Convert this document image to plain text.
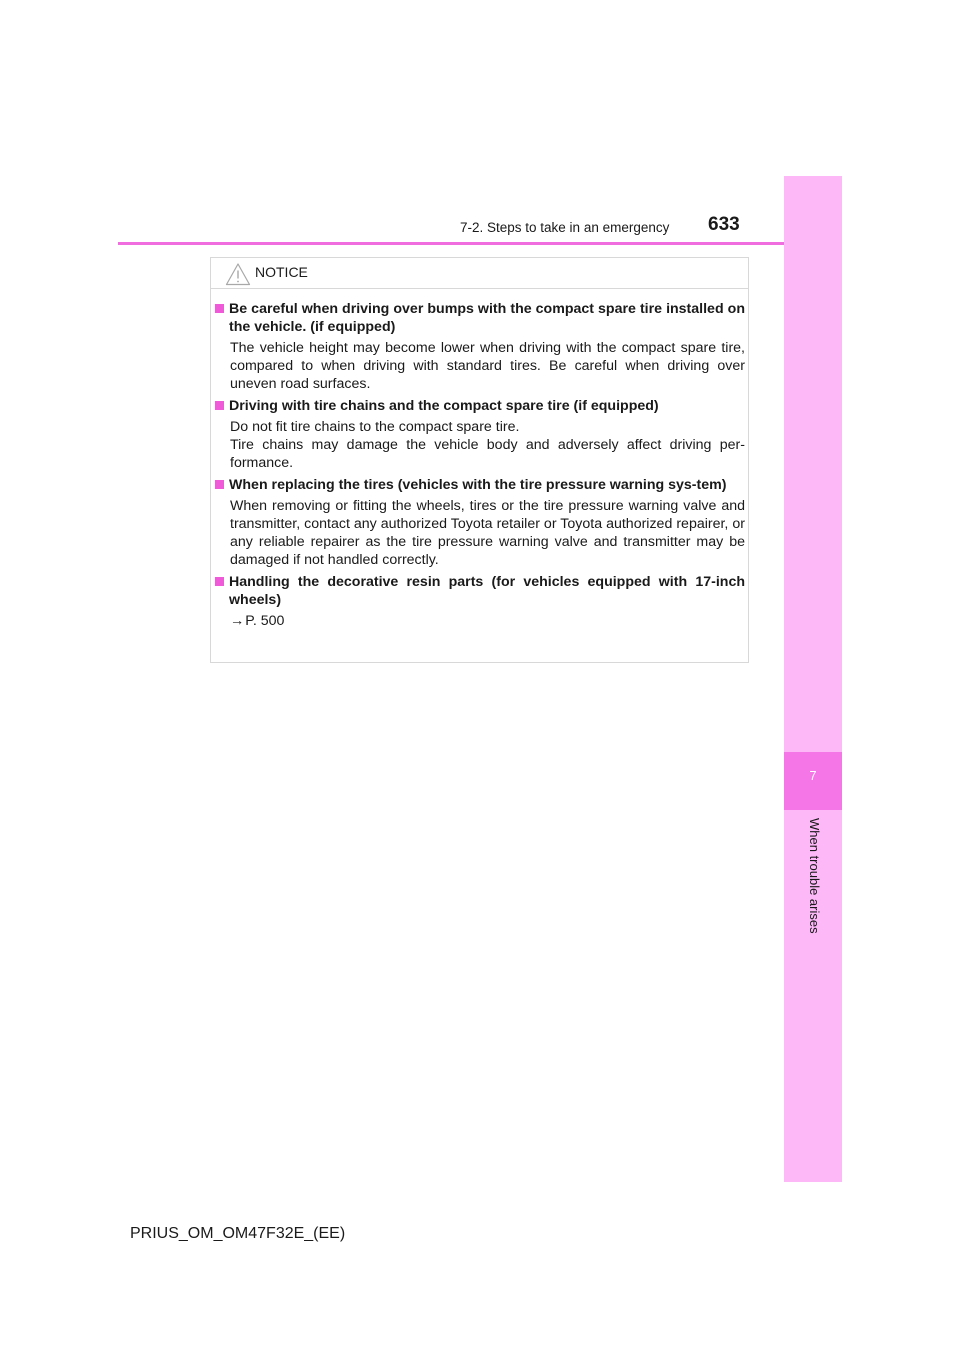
7-2. Steps to take in an emergency	633
7
When trouble arises
NOTICE
Be careful when driving over bumps with the compact spare tire installed on the vehicle. (if equipped)

The vehicle height may become lower when driving with the compact spare tire, compared to when driving with standard tires. Be careful when driving over uneven road surfaces.

Driving with tire chains and the compact spare tire (if equipped)

Do not fit tire chains to the compact spare tire.

Tire chains may damage the vehicle body and adversely affect driving per-formance.

When replacing the tires (vehicles with the tire pressure warning sys-tem)

When removing or fitting the wheels, tires or the tire pressure warning valve and transmitter, contact any authorized Toyota retailer or Toyota authorized repairer, or any reliable repairer as the tire pressure warning valve and transmitter may be damaged if not handled correctly.

Handling the decorative resin parts (for vehicles equipped with 17-inch wheels)

→P. 500

PRIUS_OM_OM47F32E_(EE)
